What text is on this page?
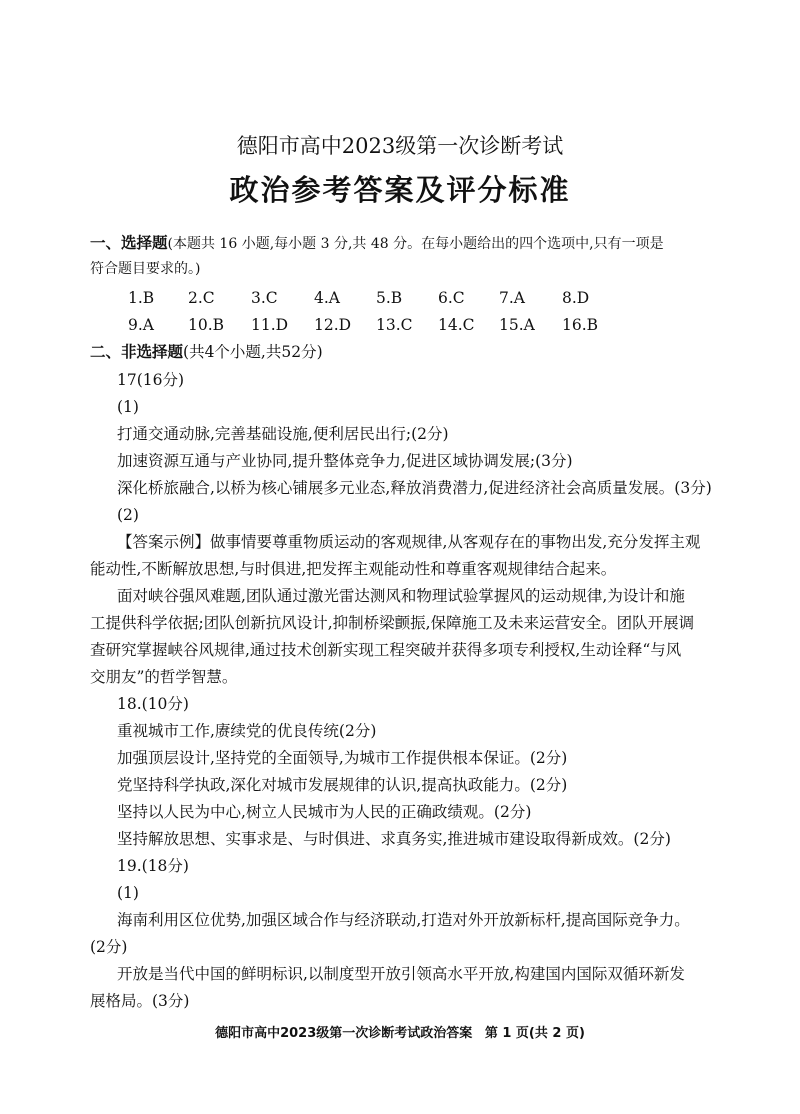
德阳市高中2023级第一次诊断考试
政治参考答案及评分标准
一、选择题(本题共 16 小题,每小题 3 分,共 48 分。在每小题给出的四个选项中,只有一项是
符合题目要求的。)
1.B 2.C 3.C 4.A 5.B 6.C 7.A 8.D
9.A 10.B 11.D 12.D 13.C 14.C 15.A 16.B
二、非选择题(共4个小题,共52分)
17(16分)
(1)
打通交通动脉,完善基础设施,便利居民出行;(2分)
加速资源互通与产业协同,提升整体竞争力,促进区域协调发展;(3分)
深化桥旅融合,以桥为核心铺展多元业态,释放消费潜力,促进经济社会高质量发展。(3分)
(2)
【答案示例】做事情要尊重物质运动的客观规律,从客观存在的事物出发,充分发挥主观
能动性,不断解放思想,与时俱进,把发挥主观能动性和尊重客观规律结合起来。
面对峡谷强风难题,团队通过激光雷达测风和物理试验掌握风的运动规律,为设计和施
工提供科学依据;团队创新抗风设计,抑制桥梁颤振,保障施工及未来运营安全。团队开展调
查研究掌握峡谷风规律,通过技术创新实现工程突破并获得多项专利授权,生动诠释“与风
交朋友”的哲学智慧。
18.(10分)
重视城市工作,赓续党的优良传统(2分)
加强顶层设计,坚持党的全面领导,为城市工作提供根本保证。(2分)
党坚持科学执政,深化对城市发展规律的认识,提高执政能力。(2分)
坚持以人民为中心,树立人民城市为人民的正确政绩观。(2分)
坚持解放思想、实事求是、与时俱进、求真务实,推进城市建设取得新成效。(2分)
19.(18分)
(1)
海南利用区位优势,加强区域合作与经济联动,打造对外开放新标杆,提高国际竞争力。
(2分)
开放是当代中国的鲜明标识,以制度型开放引领高水平开放,构建国内国际双循环新发
展格局。(3分)
德阳市高中2023级第一次诊断考试政治答案 第 1 页(共 2 页)
